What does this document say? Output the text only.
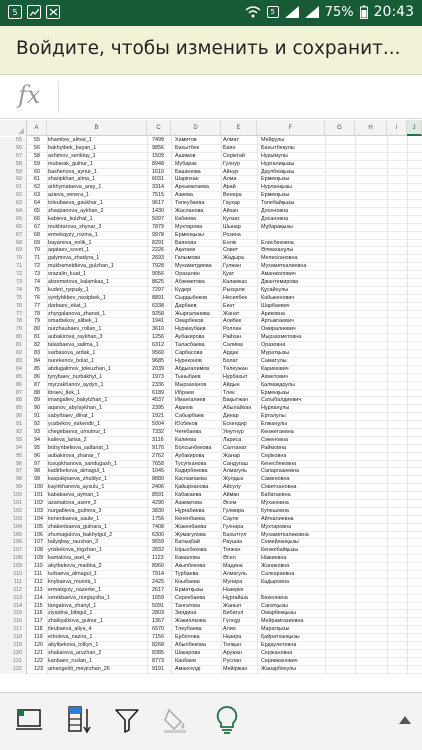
5	5	75% 20:43
Войдите, чтобы изменить и сохранит...
fx
A	B	C	D	E	F	G	H	I	J
55	55	khamitov_almat_1	7499	Хамитов	Алмат	Мейрулы
56	56	bakhytbek_bayan_1	9856	Бахытбек	Баян	Бахытбекулы
57	58	ashimov_seriktay_1	1509	Ашимов	Серiктай	Нурымулы
58	59	mubarak_gulnur_1	8948	Мубарак	Гулнур	Нурғалиқызы
59	60	bashenova_aynur_1	1610	Башенова	Айнур	Даулбекқызы
60	61	sharipkhan_alma_1	6031	Шарiпхан	Алма	Ермекқызы
61	62	arkhymataeva_aray_1	3314	Архыматаева	Арай	Нурланқызы
62	63	azieva_venera_1	7515	Азиева	Венера	Ермекқызы
63	64	toleubaeva_gaukhar_1	9617	Толеубаева	Гаухар	Толебайқызы
64	65	zhaspanova_aykhan_2	1430	Жаспанова	Айхан	Досеновна
65	66	kabieva_kulzhat_1	5097	Кабиева	Кулзат	Досановна
66	67	mukhtarova_shynar_3	7879	Мухтарова	Шынар	Мұбарақызы
67	68	ermekqyzy_rozina_1	9978	Ерменқызы	Розина
68	69	bayanova_enlik_1	8291	Баянова	Енлiк	Елисбековна
69	70	aqataev_sovet_1	2226	Ақатаев	Совет	Әлмаханұлы
70	71	galymova_zhadyra_1	2693	Галымова	Жадыра	Мелискановна
71	72	mukhametdieva_gulzhan_1	7928	Мухаметдиева	Гулжан	Мухаметкалиевна
72	73	orazalin_kuat_1	9056	Оразалин	Қуат	Аманжолович
73	74	abzemetova_kalamkas_1	8625	Абземетова	Каламкас	Джантемирова
74	75	kuderi_ryqsaly_1	7297	Күдерi	Рысқали	Құсайнулы
75	76	syrdybkbev_nesipbek_1	8891	Сырдыбеков	Несипбек	Кабыкенович
76	77	darbaev_ekat_1	6338	Дарбаев	Екат	Шарбаевич
77	78	zhyrgalanova_zhanat_1	9258	Жырғаланова	Жанат	Ариковна
78	79	omarbekov_alibek_1	1941	Омарбеков	Алибек	Артыкпаевич
79	80	nurzhaubaev_rollan_1	3610	Нуржаубаев	Роллан	Омиралиевич
80	81	aubakirova_raykhan_3	1256	Аубакирова	Райхан	Мырзахметовна
81	82	talasbaeva_salima_1	6312	Таласбаева	Салима	Оразовна
82	83	sarbasova_ardak_1	9560	Сарбасова	Ардак	Муратқызы
83	84	nurekenov_bolat_1	9685	Нуреконов	Болат	Саматулы
84	85	abdugalimov_toleuzhan_1	2039	Абдығалимов	Төлеужан	Каримович
85	86	tynybaev_nurbakhyt_1	1973	Тыныбаев	Нурбахыт	Ахметович
86	87	myrzakhanov_aydyn_1	2336	Мырзаханов	Айдын	Қалмақарулы
87	88	ibraev_tlek_1	6189	Ибраев	Тлек	Ермекқызы
88	89	imangaliev_bakytzhan_1	4537	Имангалиев	Бақытжан	Сатыбалдиевич
89	90	aqanov_abylaykhan_1	2395	Ақанов	Абылайхан	Нұрланұлы
90	91	sabyrbaev_dinar_1	1921	Сабырбаев	Динар	Ерталулы
91	92	yusbekov_eskendir_1	5004	Юсбеков	Ескендир	Елжанұлы
92	93	chegebaeva_umutnur_1	7332	Чегебаева	Умутнур	Кенжетаевна
93	94	kalieva_larisa_2	3116	Калиева	Лариса	Сәкеновна
94	95	bolsynbekova_saltanat_1	9176	Болсынбекова	Салтанат	Раймовна
95	96	aubakirova_zhanar_7	2762	Аубакирова	Жанар	Серiковна
96	97	tusupkhanova_sandugash_1	7658	Тусупханова	Сандугаш	Кенесбековна
97	98	kadirbekova_almagul_1	1045	Кадирбекова	Алмагуль	Сапаргазиевна
98	99	kaspakpaeva_zhuldyz_1	8880	Каспакпаева	Жулдыз	Саменовна
99	100 kayirkhanova_aysulu_1	2406	Қайырханова	Айсулу	Советхановна
100	101 kabakaeva_ayman_1	8591	Кабакаева	Айман	Бабатаевна
101	102 azamatova_asem_2	4290	Азаматова	Әсем	Мухановна
102	103 nurgabieva_gulmira_3	3830	Нұрғабиева	Гулмира	Купешевна
103	104 kenenbaeva_saule_1	1756	Кененбаева	Сауле	Айткалиевна
104	105 zhakenbaeva_gulnara_1	7408	Жакенбаева	Гулнара	Мухтаровна
105	106 zhumagulova_bakhytgul_2	6300	Жумагулова	Бахытгүл	Мухаметкаликовна
106	107 balyqbay_raushan_3	9659	Балықбай	Раушан	Семейханқызы
107	108 yrisbekova_togzhan_1	2832	Ырысбекова	Тоғжан	Кенжебайқызы
108	109 kamalova_asel_4	1123	Камалова	Әсел	Нажиевна
109	110	akylbekova_madina_2	8960	Акылбекова	Мадина	Жаниковна
110	111	turbaeva_almagul_1	7914	Турбаева	Алмагуль	Салкараевна
111	112	knybaeva_munira_1	2425	Кныбаева	Мунира	Кадыровна
112	113	ermatqyzy_nazerke_1	2617	Ерматқызы	Назерке
113	114	serekbaeva_nurgaysha_1	1659	Серекбаева	Нұрғайша	Бекеновна
114	115	tangatova_zhanyl_1	5091	Тангатова	Жаныл	Сағатқызы
115	116	ziyadina_bibigul_1	2803	Зиядина	Бибигүл	Омарбекқызы
116	117	zhakiyalkova_gulnur_1	1367	Жакиялкова	Гүлнұр	Мейрамгазиевна
117	118	tleubaeva_aliya_4	6570	Тлеубаева	Алия	Маратқызы
118	119	erbolova_nazira_1	7156	Ерболова	Назира	Қайратханқызы
119	120 abylbekova_tolkyn_1	8268	Абылбекова	Толқын	Ердаулетовна
120	121 shakarova_aruzhan_2	8385	Шакарова	Аружан	Сержановна
121	122 kanbaev_ruslan_1	8773	Канбаев	Руслан	Серикжанович
122	123 amangeldi_meyirzhan_26	9191	Амангелдi	Мейiржан	Жанарбекулы
